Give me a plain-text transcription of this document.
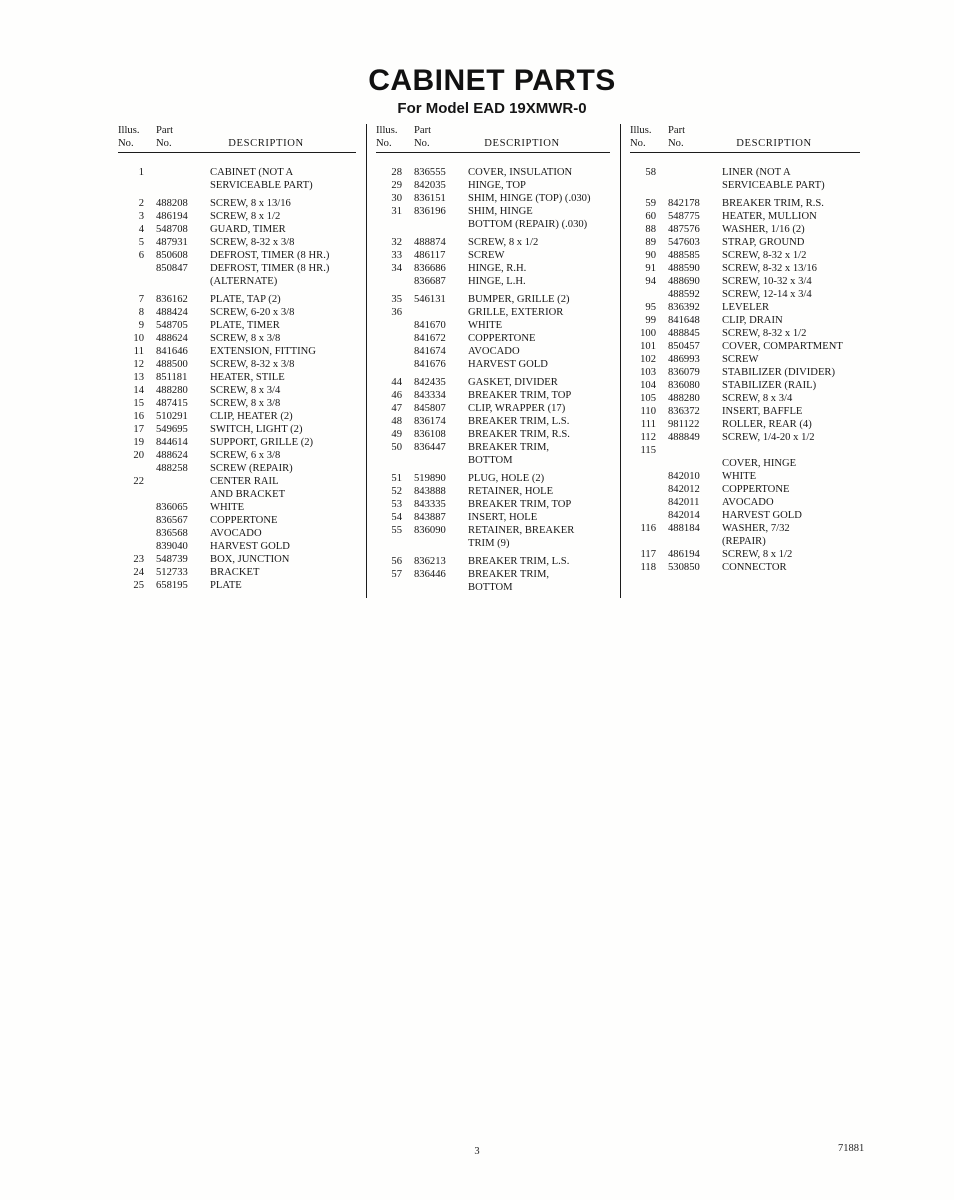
CABINET PARTS
For Model EAD 19XMWR-0
Illus.	Part
No.	No.	DESCRIPTION
1	CABINET (NOT A
SERVICEABLE PART)
2 488208	SCREW, 8 x 13/16
3 486194	SCREW, 8 x 1/2
4 548708	GUARD, TIMER
5 487931	SCREW, 8-32 x 3/8
6 850608	DEFROST, TIMER (8 HR.)
850847	DEFROST, TIMER (8 HR.)
(ALTERNATE)
7 836162	PLATE, TAP (2)
8 488424	SCREW, 6-20 x 3/8
9 548705	PLATE, TIMER
10 488624	SCREW, 8 x 3/8
11 841646	EXTENSION, FITTING
12 488500	SCREW, 8-32 x 3/8
13 851181	HEATER, STILE
14 488280	SCREW, 8 x 3/4
15 487415	SCREW, 8 x 3/8
16 510291	CLIP, HEATER (2)
17 549695	SWITCH, LIGHT (2)
19 844614	SUPPORT, GRILLE (2)
20 488624	SCREW, 6 x 3/8
488258	SCREW (REPAIR)
22	CENTER RAIL
AND BRACKET
836065	WHITE
836567	COPPERTONE
836568	AVOCADO
839040	HARVEST GOLD
23 548739	BOX, JUNCTION
24 512733	BRACKET
25 658195	PLATE
Illus.	Part
No.	No.	DESCRIPTION
28 836555	COVER, INSULATION
29 842035	HINGE, TOP
30 836151	SHIM, HINGE (TOP) (.030)
31 836196	SHIM, HINGE
BOTTOM (REPAIR) (.030)
32 488874	SCREW, 8 x 1/2
33 486117	SCREW
34 836686	HINGE, R.H.
836687	HINGE, L.H.
35 546131	BUMPER, GRILLE (2)
36	GRILLE, EXTERIOR
841670	WHITE
841672	COPPERTONE
841674	AVOCADO
841676	HARVEST GOLD
44 842435	GASKET, DIVIDER
46 843334	BREAKER TRIM, TOP
47 845807	CLIP, WRAPPER (17)
48 836174	BREAKER TRIM, L.S.
49 836108	BREAKER TRIM, R.S.
50 836447	BREAKER TRIM,
BOTTOM
51 519890	PLUG, HOLE (2)
52 843888	RETAINER, HOLE
53 843335	BREAKER TRIM, TOP
54 843887	INSERT, HOLE
55 836090	RETAINER, BREAKER
TRIM (9)
56 836213	BREAKER TRIM, L.S.
57 836446	BREAKER TRIM,
BOTTOM
Illus.	Part
No.	No.	DESCRIPTION
58	LINER (NOT A
SERVICEABLE PART)
59 842178	BREAKER TRIM, R.S.
60 548775	HEATER, MULLION
88 487576	WASHER, 1/16 (2)
89 547603	STRAP, GROUND
90 488585	SCREW, 8-32 x 1/2
91 488590	SCREW, 8-32 x 13/16
94 488690	SCREW, 10-32 x 3/4
488592	SCREW, 12-14 x 3/4
95 836392	LEVELER
99 841648	CLIP, DRAIN
100 488845	SCREW, 8-32 x 1/2
101 850457	COVER, COMPARTMENT
102 486993	SCREW
103 836079	STABILIZER (DIVIDER)
104 836080	STABILIZER (RAIL)
105 488280	SCREW, 8 x 3/4
110 836372	INSERT, BAFFLE
111 981122	ROLLER, REAR (4)
112 488849	SCREW, 1/4-20 x 1/2
115
COVER, HINGE
842010	WHITE
842012	COPPERTONE
842011	AVOCADO
842014	HARVEST GOLD
116 488184	WASHER, 7/32
(REPAIR)
117 486194	SCREW, 8 x 1/2
118 530850	CONNECTOR
3	71881
